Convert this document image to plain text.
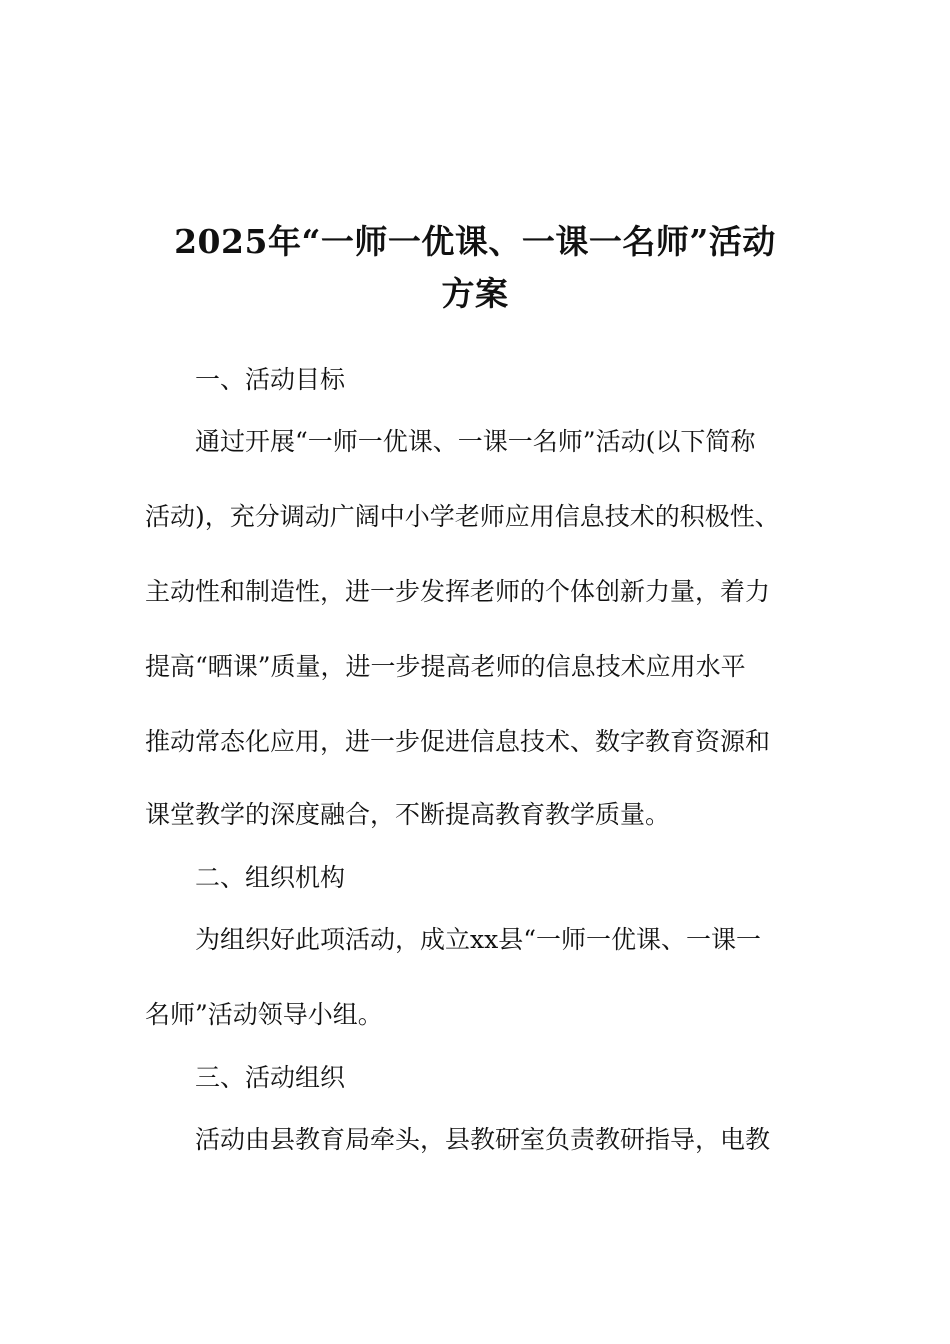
2025年“一师一优课、一课一名师”活动
方案
一、活动目标
通过开展“一师一优课、一课一名师”活动(以下简称
活动)，充分调动广阔中小学老师应用信息技术的积极性、
主动性和制造性，进一步发挥老师的个体创新力量，着力
提高“晒课”质量，进一步提高老师的信息技术应用水平
推动常态化应用，进一步促进信息技术、数字教育资源和
课堂教学的深度融合，不断提高教育教学质量。
二、组织机构
为组织好此项活动，成立xx县“一师一优课、一课一
名师”活动领导小组。
三、活动组织
活动由县教育局牵头，县教研室负责教研指导，电教
